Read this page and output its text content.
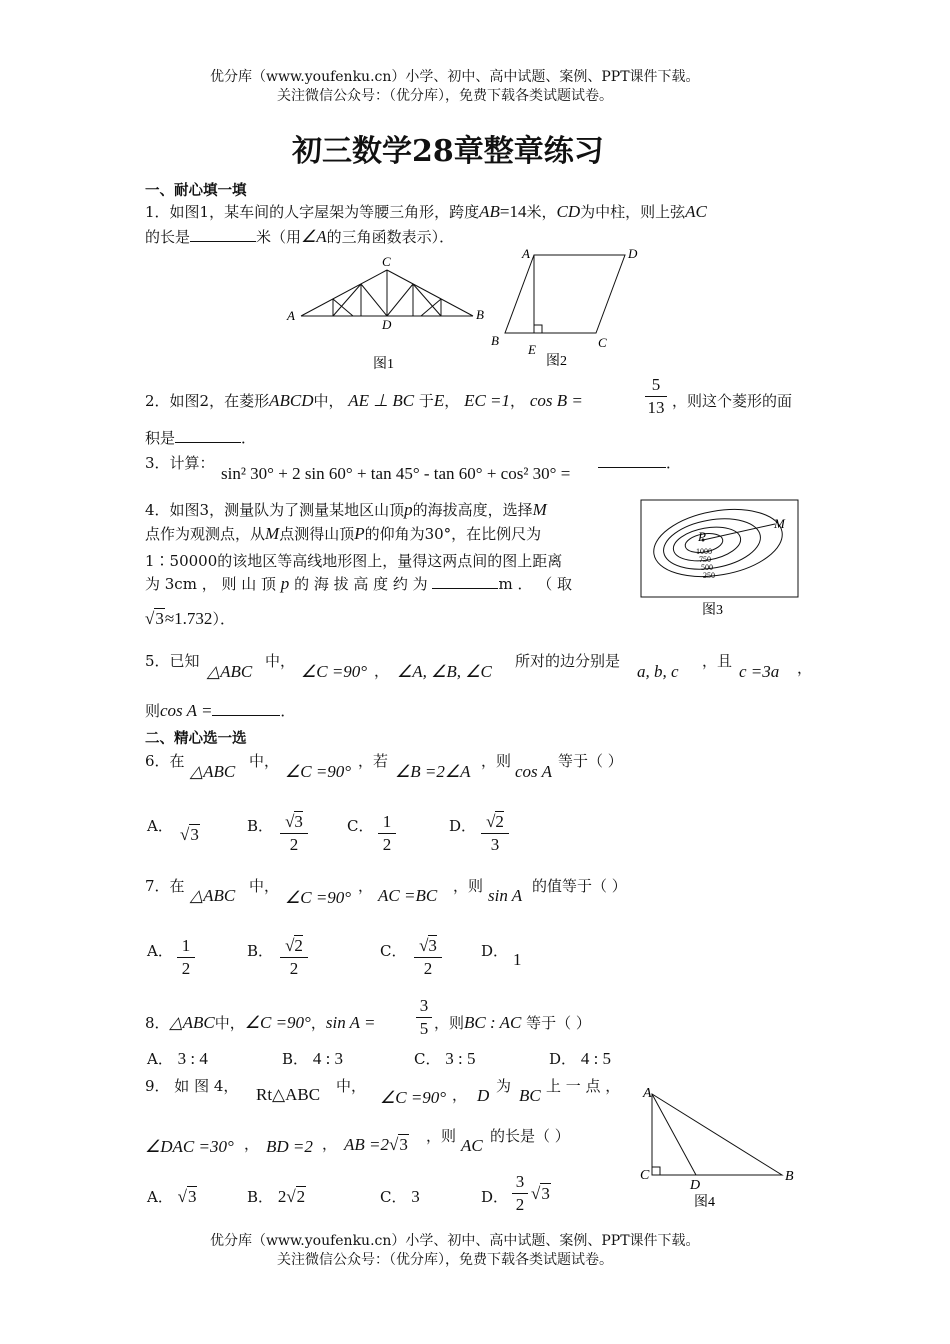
优分库（www.youfenku.cn）小学、初中、高中试题、案例、PPT课件下载。
关注微信公众号：（优分库），免费下载各类试题试卷。
初三数学28章整章练习
一、耐心填一填
1．如图1，某车间的人字屋架为等腰三角形，跨度AB=14米，CD为中柱，则上弦AC
的长是	米（用∠A的三角函数表示）．
A	B
C
D
图1
A	D
B
E	C
图2
2．如图2，在菱形ABCD中， AE ⊥ BC 于E， EC =1， cos B =
5
13 ，则这个菱形的面
积是	．
3．计算：
sin² 30° + 2 sin 60° + tan 45° - tan 60° + cos² 30° =
．
4．如图3，测量队为了测量某地区山顶p的海拔高度，选择M
点作为观测点，从M点测得山顶P的仰角为30°，在比例尺为
1∶50000的该地区等高线地形图上，量得这两点间的图上距离
为 3cm ， 则 山 顶 p 的 海 拔 高 度 约 为	m ． （ 取
√3≈1.732）．
P
M
1000
750
500
250
图3
5．已知
△ABC
中，
∠C =90° ， ∠A, ∠B, ∠C
所对的边分别是
a, b, c
，且
c =3a ，
则cos A =	．
二、精心选一选
6．在
△ABC
中，
∠C =90°
，若
∠B =2∠A
，则
cos A
等于（ ）
A． √3	B． √3
2
C． 1
2
D． √2
3
7．在 △ABC 中，
∠C =90°
， AC =BC ，则 sin A 的值等于（ ）
A． 1
2
B． √2
2
C． √3
2
D． 1
8．△ABC中，∠C =90°，sin A =
3
5 ，则BC : AC 等于（ ）
A． 3 : 4	B． 4 : 3	C． 3 : 5	D． 4 : 5
9． 如 图 4， Rt△ABC 中，
∠C =90° ， D 为 BC 上 一 点 ，
∠DAC =30° ， BD =2 ， AB =2√3 ，则 AC 的长是（ ）
A． √3	B． 2√2	C． 3	D．
3
2
√3
A
C
D
B
图4
优分库（www.youfenku.cn）小学、初中、高中试题、案例、PPT课件下载。
关注微信公众号：（优分库），免费下载各类试题试卷。
